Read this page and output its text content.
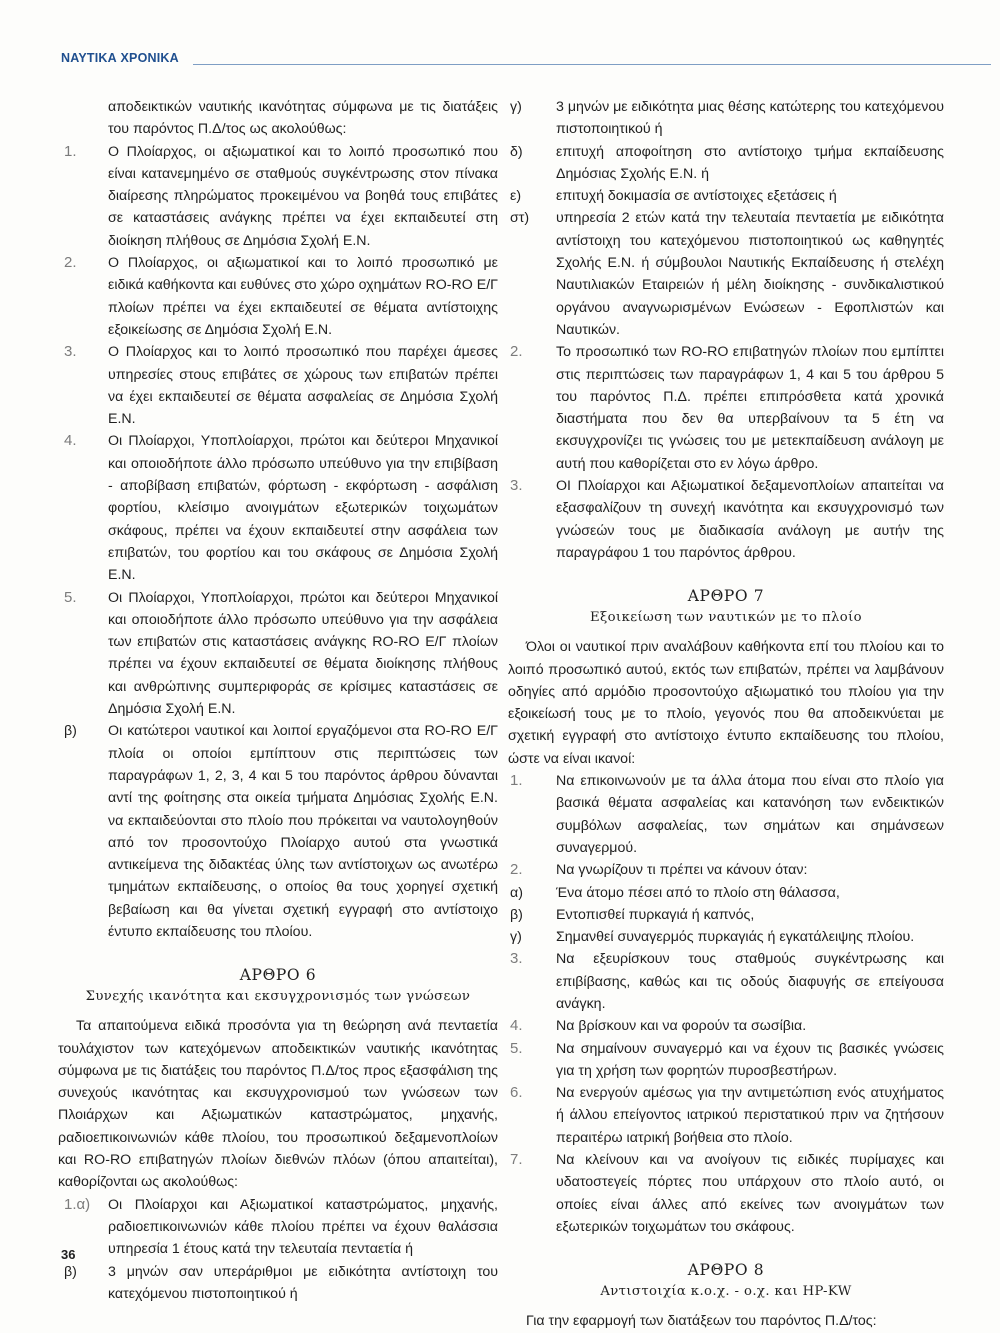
ΝΑΥΤΙΚΑ ΧΡΟΝΙΚΑ

αποδεικτικών ναυτικής ικανότητας σύμφωνα με τις διατάξεις του παρόντος Π.Δ/τος ως ακολούθως:

1.	Ο Πλοίαρχος, οι αξιωματικοί και το λοιπό προσωπικό που είναι κατανεμημένο σε σταθμούς συγκέντρωσης στον πίνακα διαίρεσης πληρώματος προκειμένου να βοηθά τους επιβάτες σε καταστάσεις ανάγκης πρέπει να έχει εκπαιδευτεί στη διοίκηση πλήθους σε Δημόσια Σχολή Ε.Ν.
2.	Ο Πλοίαρχος, οι αξιωματικοί και το λοιπό προσωπικό με ειδικά καθήκοντα και ευθύνες στο χώρο οχημάτων RO-RO Ε/Γ πλοίων πρέπει να έχει εκπαιδευτεί σε θέματα αντίστοιχης εξοικείωσης σε Δημόσια Σχολή Ε.Ν.
3.	Ο Πλοίαρχος και το λοιπό προσωπικό που παρέχει άμεσες υπηρεσίες στους επιβάτες σε χώρους των επιβατών πρέπει να έχει εκπαιδευτεί σε θέματα ασφαλείας σε Δημόσια Σχολή Ε.Ν.
4.	Οι Πλοίαρχοι, Υποπλοίαρχοι, πρώτοι και δεύτεροι Μηχανικοί και οποιοδήποτε άλλο πρόσωπο υπεύθυνο για την επιβίβαση - αποβίβαση επιβατών, φόρτωση - εκφόρτωση - ασφάλιση φορτίου, κλείσιμο ανοιγμάτων εξωτερικών τοιχωμάτων σκάφους, πρέπει να έχουν εκπαιδευτεί στην ασφάλεια των επιβατών, του φορτίου και του σκάφους σε Δημόσια Σχολή Ε.Ν.
5.	Οι Πλοίαρχοι, Υποπλοίαρχοι, πρώτοι και δεύτεροι Μηχανικοί και οποιοδήποτε άλλο πρόσωπο υπεύθυνο για την ασφάλεια των επιβατών στις καταστάσεις ανάγκης RO-RO Ε/Γ πλοίων πρέπει να έχουν εκπαιδευτεί σε θέματα διοίκησης πλήθους και ανθρώπινης συμπεριφοράς σε κρίσιμες καταστάσεις σε Δημόσια Σχολή Ε.Ν.
β)	Οι κατώτεροι ναυτικοί και λοιποί εργαζόμενοι στα RO-RO Ε/Γ πλοία οι οποίοι εμπίπτουν στις περιπτώσεις των παραγράφων 1, 2, 3, 4 και 5 του παρόντος άρθρου δύνανται αντί της φοίτησης στα οικεία τμήματα Δημόσιας Σχολής Ε.Ν. να εκπαιδεύονται στο πλοίο που πρόκειται να ναυτολογηθούν από τον προσοντούχο Πλοίαρχο αυτού στα γνωστικά αντικείμενα της διδακτέας ύλης των αντίστοιχων ως ανωτέρω τμημάτων εκπαίδευσης, ο οποίος θα τους χορηγεί σχετική βεβαίωση και θα γίνεται σχετική εγγραφή στο αντίστοιχο έντυπο εκπαίδευσης του πλοίου.
ΑΡΘΡΟ 6
Συνεχής ικανότητα και εκσυγχρονισμός των γνώσεων

Τα απαιτούμενα ειδικά προσόντα για τη θεώρηση ανά πενταετία τουλάχιστον των κατεχόμενων αποδεικτικών ναυτικής ικανότητας σύμφωνα με τις διατάξεις του παρόντος Π.Δ/τος προς εξασφάλιση της συνεχούς ικανότητας και εκσυγχρονισμού των γνώσεων των Πλοιάρχων και Αξιωματικών καταστρώματος, μηχανής, ραδιοεπικοινωνιών κάθε πλοίου, του προσωπικού δεξαμενοπλοίων και RO-RO επιβατηγών πλοίων διεθνών πλόων (όπου απαιτείται), καθορίζονται ως ακολούθως:

1.α)	Οι Πλοίαρχοι και Αξιωματικοί καταστρώματος, μηχανής, ραδιοεπικοινωνιών κάθε πλοίου πρέπει να έχουν θαλάσσια υπηρεσία 1 έτους κατά την τελευταία πενταετία ή
β)	3 μηνών σαν υπεράριθμοι με ειδικότητα αντίστοιχη του κατεχόμενου πιστοποιητικού ή
γ)	3 μηνών με ειδικότητα μιας θέσης κατώτερης του κατεχόμενου πιστοποιητικού ή
δ)	επιτυχή αποφοίτηση στο αντίστοιχο τμήμα εκπαίδευσης Δημόσιας Σχολής Ε.Ν. ή
ε)	επιτυχή δοκιμασία σε αντίστοιχες εξετάσεις ή
στ)	υπηρεσία 2 ετών κατά την τελευταία πενταετία με ειδικότητα αντίστοιχη του κατεχόμενου πιστοποιητικού ως καθηγητές Σχολής Ε.Ν. ή σύμβουλοι Ναυτικής Εκπαίδευσης ή στελέχη Ναυτιλιακών Εταιρειών ή μέλη διοίκησης - συνδικαλιστικού οργάνου αναγνωρισμένων Ενώσεων - Εφοπλιστών και Ναυτικών.
2.	Το προσωπικό των RO-RO επιβατηγών πλοίων που εμπίπτει στις περιπτώσεις των παραγράφων 1, 4 και 5 του άρθρου 5 του παρόντος Π.Δ. πρέπει επιπρόσθετα κατά χρονικά διαστήματα που δεν θα υπερβαίνουν τα 5 έτη να εκσυγχρονίζει τις γνώσεις του με μετεκπαίδευση ανάλογη με αυτή που καθορίζεται στο εν λόγω άρθρο.
3.	ΟΙ Πλοίαρχοι και Αξιωματικοί δεξαμενοπλοίων απαιτείται να εξασφαλίζουν τη συνεχή ικανότητα και εκσυγχρονισμό των γνώσεών τους με διαδικασία ανάλογη με αυτήν της παραγράφου 1 του παρόντος άρθρου.
ΑΡΘΡΟ 7
Εξοικείωση των ναυτικών με το πλοίο

Όλοι οι ναυτικοί πριν αναλάβουν καθήκοντα επί του πλοίου και το λοιπό προσωπικό αυτού, εκτός των επιβατών, πρέπει να λαμβάνουν οδηγίες από αρμόδιο προσοντούχο αξιωματικό του πλοίου για την εξοικείωσή τους με το πλοίο, γεγονός που θα αποδεικνύεται με σχετική εγγραφή στο αντίστοιχο έντυπο εκπαίδευσης του πλοίου, ώστε να είναι ικανοί:

1.	Να επικοινωνούν με τα άλλα άτομα που είναι στο πλοίο για βασικά θέματα ασφαλείας και κατανόηση των ενδεικτικών συμβόλων ασφαλείας, των σημάτων και σημάνσεων συναγερμού.
2.	Να γνωρίζουν τι πρέπει να κάνουν όταν:
α)	Ένα άτομο πέσει από το πλοίο στη θάλασσα,
β)	Εντοπισθεί πυρκαγιά ή καπνός,
γ)	Σημανθεί συναγερμός πυρκαγιάς ή εγκατάλειψης πλοίου.
3.	Να εξευρίσκουν τους σταθμούς συγκέντρωσης και επιβίβασης, καθώς και τις οδούς διαφυγής σε επείγουσα ανάγκη.
4.	Να βρίσκουν και να φορούν τα σωσίβια.
5.	Να σημαίνουν συναγερμό και να έχουν τις βασικές γνώσεις για τη χρήση των φορητών πυροσβεστήρων.
6.	Να ενεργούν αμέσως για την αντιμετώπιση ενός ατυχήματος ή άλλου επείγοντος ιατρικού περιστατικού πριν να ζητήσουν περαιτέρω ιατρική βοήθεια στο πλοίο.
7.	Να κλείνουν και να ανοίγουν τις ειδικές πυρίμαχες και υδατοστεγείς πόρτες που υπάρχουν στο πλοίο αυτό, οι οποίες είναι άλλες από εκείνες των ανοιγμάτων των εξωτερικών τοιχωμάτων του σκάφους.
ΑΡΘΡΟ 8
Αντιστοιχία κ.ο.χ. - ο.χ. και HP-KW

Για την εφαρμογή των διατάξεων του παρόντος Π.Δ/τος:

36
